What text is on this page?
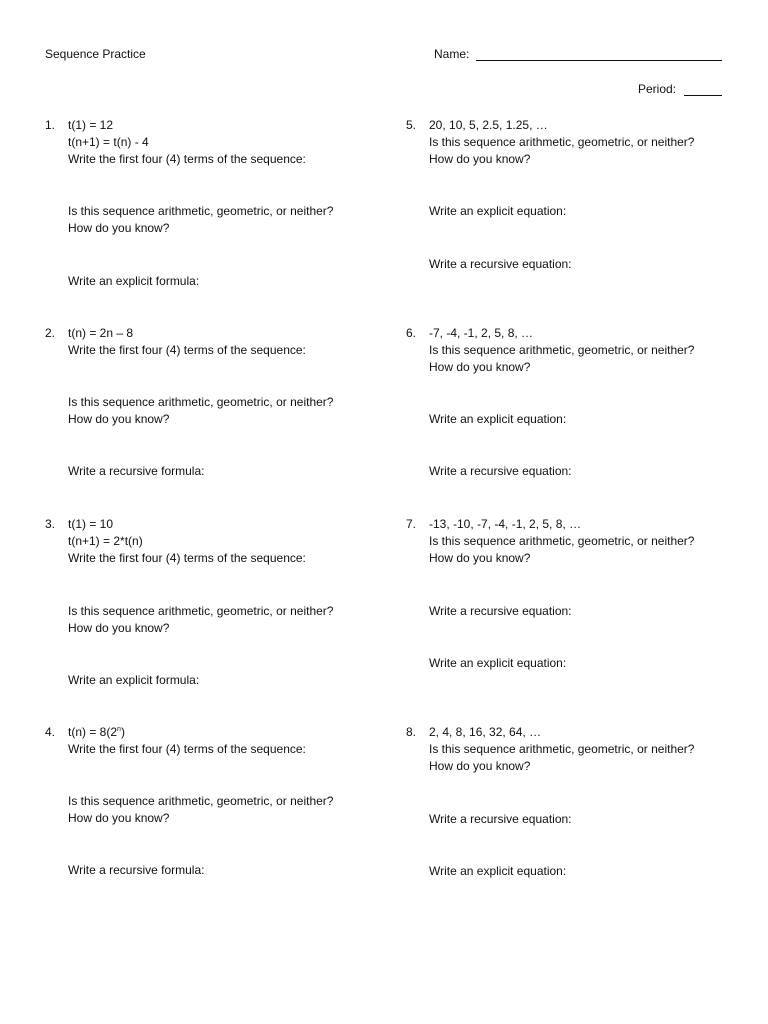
Sequence Practice	Name:
Period:
1. t(1) = 12
t(n+1) = t(n) - 4
Write the first four (4) terms of the sequence:
Is this sequence arithmetic, geometric, or neither?
How do you know?
Write an explicit formula:
2. t(n) = 2n – 8
Write the first four (4) terms of the sequence:
Is this sequence arithmetic, geometric, or neither?
How do you know?
Write a recursive formula:
3. t(1) = 10
t(n+1) = 2*t(n)
Write the first four (4) terms of the sequence:
Is this sequence arithmetic, geometric, or neither?
How do you know?
Write an explicit formula:
4. $t(n) = 8(2^n)$
Write the first four (4) terms of the sequence:
Is this sequence arithmetic, geometric, or neither?
How do you know?
Write a recursive formula:
5. 20, 10, 5, 2.5, 1.25, …
Is this sequence arithmetic, geometric, or neither?
How do you know?
Write an explicit equation:
Write a recursive equation:
6. -7, -4, -1, 2, 5, 8, …
Is this sequence arithmetic, geometric, or neither?
How do you know?
Write an explicit equation:
Write a recursive equation:
7. -13, -10, -7, -4, -1, 2, 5, 8, …
Is this sequence arithmetic, geometric, or neither?
How do you know?
Write a recursive equation:
Write an explicit equation:
8. 2, 4, 8, 16, 32, 64, …
Is this sequence arithmetic, geometric, or neither?
How do you know?
Write a recursive equation:
Write an explicit equation:
